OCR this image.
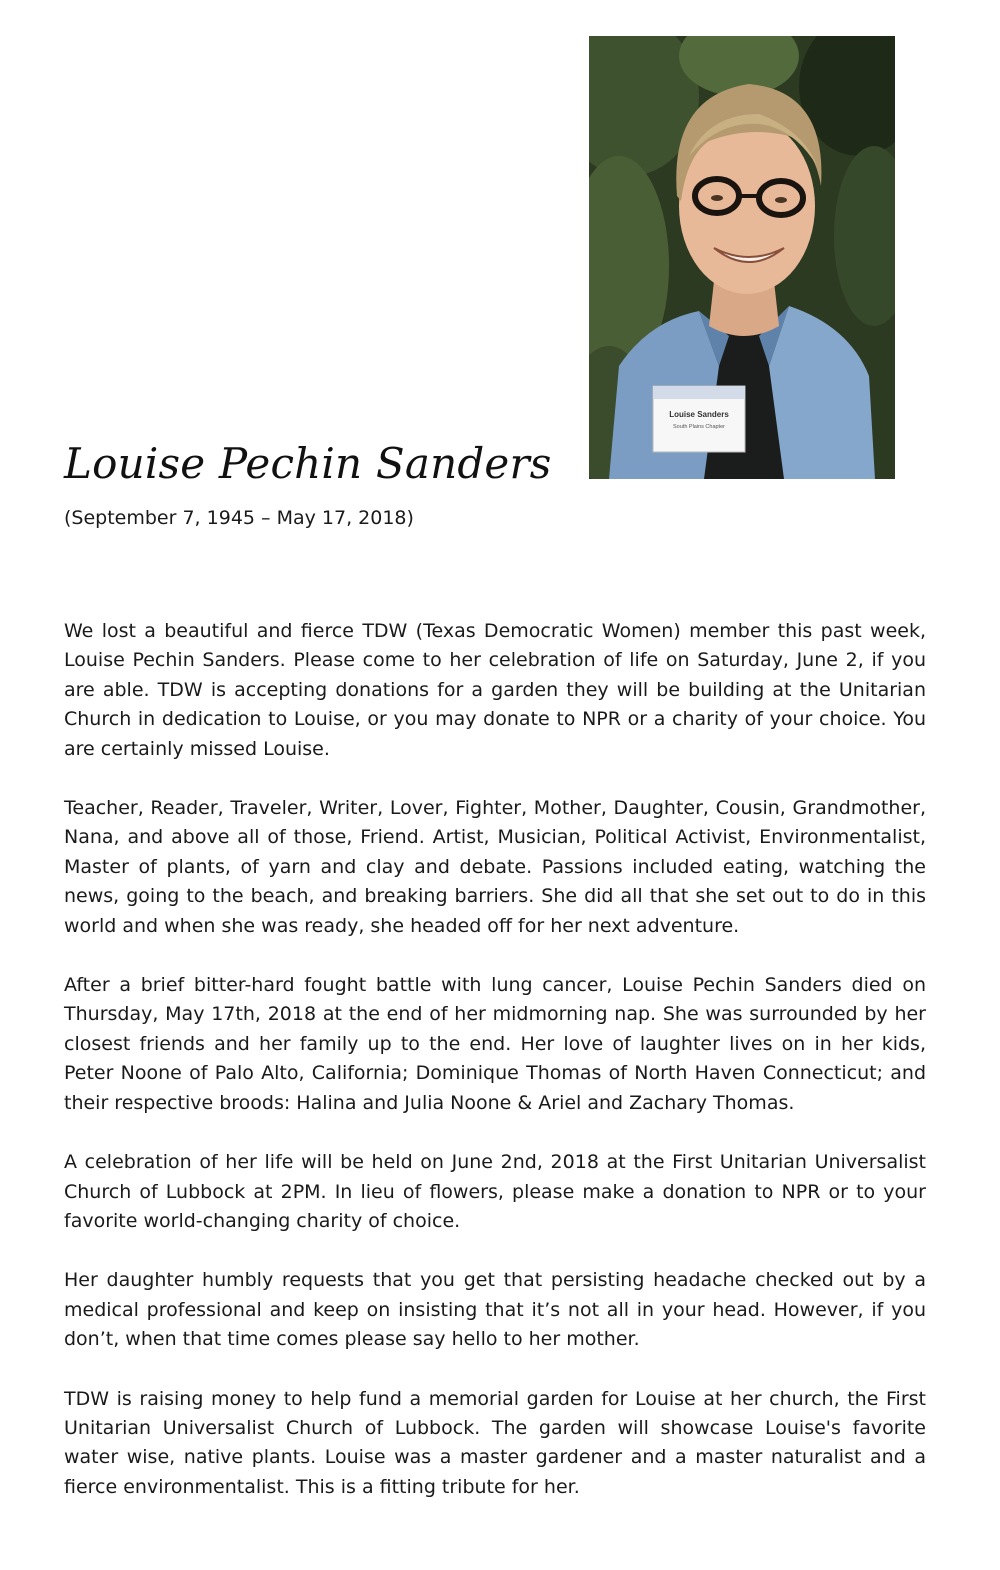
Louise Sanders
South Plains Chapter
Louise Pechin Sanders

(September 7, 1945 – May 17, 2018)

We lost a beautiful and fierce TDW (Texas Democratic Women) member this past week, Louise Pechin Sanders. Please come to her celebration of life on Saturday, June 2, if you are able. TDW is accepting donations for a garden they will be building at the Unitarian Church in dedication to Louise, or you may donate to NPR or a charity of your choice. You are certainly missed Louise.

Teacher, Reader, Traveler, Writer, Lover, Fighter, Mother, Daughter, Cousin, Grandmother, Nana, and above all of those, Friend. Artist, Musician, Political Activist, Environmentalist, Master of plants, of yarn and clay and debate. Passions included eating, watching the news, going to the beach, and breaking barriers. She did all that she set out to do in this world and when she was ready, she headed off for her next adventure.

After a brief bitter-hard fought battle with lung cancer, Louise Pechin Sanders died on Thursday, May 17th, 2018 at the end of her midmorning nap. She was surrounded by her closest friends and her family up to the end. Her love of laughter lives on in her kids, Peter Noone of Palo Alto, California; Dominique Thomas of North Haven Connecticut; and their respective broods: Halina and Julia Noone & Ariel and Zachary Thomas.

A celebration of her life will be held on June 2nd, 2018 at the First Unitarian Universalist Church of Lubbock at 2PM. In lieu of flowers, please make a donation to NPR or to your favorite world-changing charity of choice.

Her daughter humbly requests that you get that persisting headache checked out by a medical professional and keep on insisting that it’s not all in your head. However, if you don’t, when that time comes please say hello to her mother.

TDW is raising money to help fund a memorial garden for Louise at her church, the First Unitarian Universalist Church of Lubbock. The garden will showcase Louise's favorite water wise, native plants. Louise was a master gardener and a master naturalist and a fierce environmentalist. This is a fitting tribute for her.
